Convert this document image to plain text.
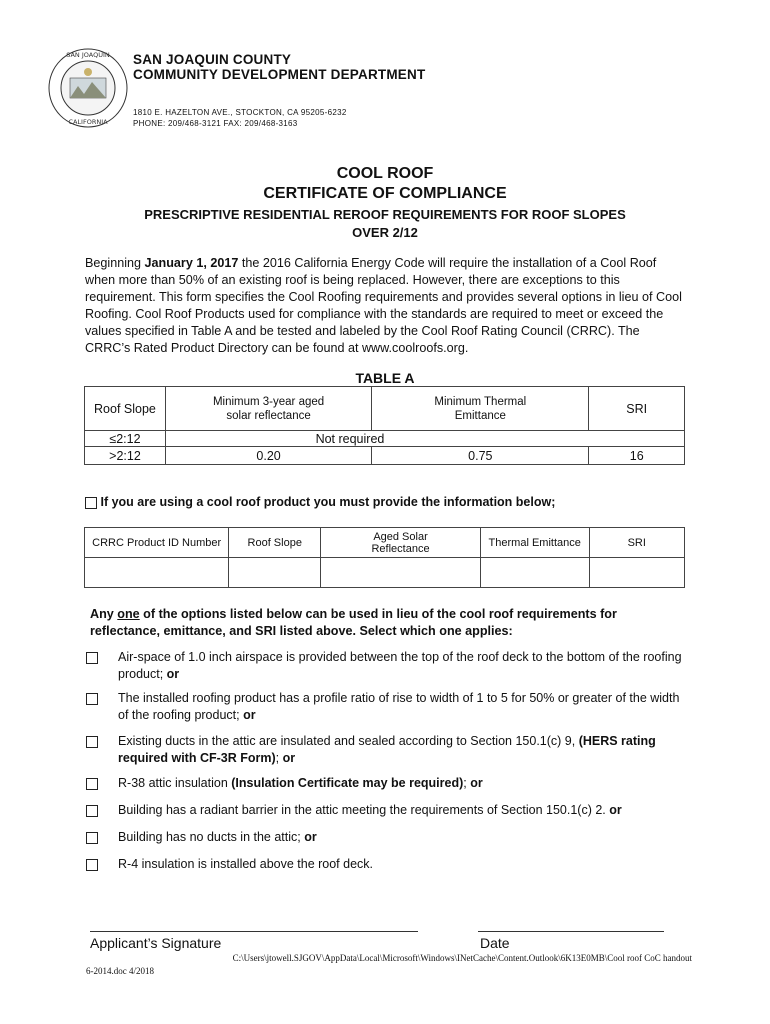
SAN JOAQUIN
CALIFORNIA
SAN JOAQUIN COUNTY
COMMUNITY DEVELOPMENT DEPARTMENT
1810 E. HAZELTON AVE., STOCKTON, CA 95205-6232
PHONE: 209/468-3121 FAX: 209/468-3163
COOL ROOF
CERTIFICATE OF COMPLIANCE
PRESCRIPTIVE RESIDENTIAL REROOF REQUIREMENTS FOR ROOF SLOPES
OVER 2/12
Beginning January 1, 2017 the 2016 California Energy Code will require the installation of a Cool Roof when more than 50% of an existing roof is being replaced. However, there are exceptions to this requirement. This form specifies the Cool Roofing requirements and provides several options in lieu of Cool Roofing. Cool Roof Products used for compliance with the standards are required to meet or exceed the values specified in Table A and be tested and labeled by the Cool Roof Rating Council (CRRC). The CRRC’s Rated Product Directory can be found at www.coolroofs.org.
TABLE A
Roof Slope	Minimum 3-year aged solar reflectance	Minimum Thermal Emittance	SRI
≤2:12	Not required		
>2:12	0.20	0.75	16
If you are using a cool roof product you must provide the information below;
CRRC Product ID Number	Roof Slope	Aged Solar Reflectance	Thermal Emittance	SRI

Any one of the options listed below can be used in lieu of the cool roof requirements for reflectance, emittance, and SRI listed above. Select which one applies:
Air-space of 1.0 inch airspace is provided between the top of the roof deck to the bottom of the roofing product; or
The installed roofing product has a profile ratio of rise to width of 1 to 5 for 50% or greater of the width of the roofing product; or
Existing ducts in the attic are insulated and sealed according to Section 150.1(c) 9, (HERS rating required with CF-3R Form); or
R-38 attic insulation (Insulation Certificate may be required); or
Building has a radiant barrier in the attic meeting the requirements of Section 150.1(c) 2. or
Building has no ducts in the attic; or
R-4 insulation is installed above the roof deck.
Applicant’s Signature	Date
C:\Users\jtowell.SJGOV\AppData\Local\Microsoft\Windows\INetCache\Content.Outlook\6K13E0MB\Cool roof CoC handout
6-2014.doc 4/2018
